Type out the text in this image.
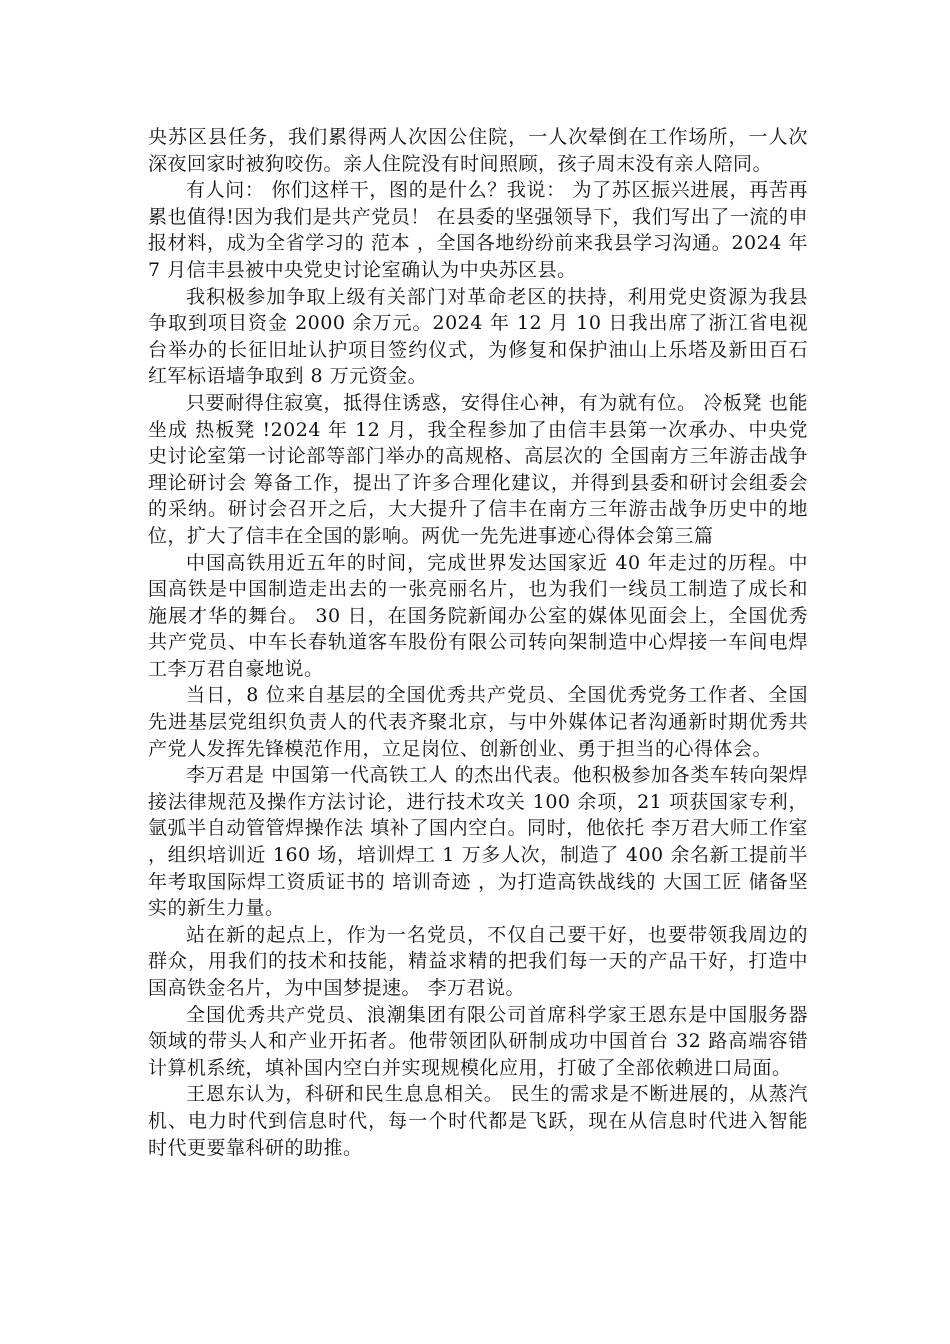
央苏区县任务，我们累得两人次因公住院，一人次晕倒在工作场所，一人次深夜回家时被狗咬伤。亲人住院没有时间照顾，孩子周末没有亲人陪同。

有人问： 你们这样干，图的是什么？我说： 为了苏区振兴进展，再苦再累也值得!因为我们是共产党员！ 在县委的坚强领导下，我们写出了一流的申报材料，成为全省学习的 范本 ，全国各地纷纷前来我县学习沟通。2024 年 7 月信丰县被中央党史讨论室确认为中央苏区县。

我积极参加争取上级有关部门对革命老区的扶持，利用党史资源为我县争取到项目资金 2000 余万元。2024 年 12 月 10 日我出席了浙江省电视台举办的长征旧址认护项目签约仪式，为修复和保护油山上乐塔及新田百石红军标语墙争取到 8 万元资金。

只要耐得住寂寞，抵得住诱惑，安得住心神，有为就有位。 冷板凳 也能坐成 热板凳 !2024 年 12 月，我全程参加了由信丰县第一次承办、中央党史讨论室第一讨论部等部门举办的高规格、高层次的 全国南方三年游击战争理论研讨会 筹备工作，提出了许多合理化建议，并得到县委和研讨会组委会的采纳。研讨会召开之后，大大提升了信丰在南方三年游击战争历史中的地位，扩大了信丰在全国的影响。两优一先先进事迹心得体会第三篇

中国高铁用近五年的时间，完成世界发达国家近 40 年走过的历程。中国高铁是中国制造走出去的一张亮丽名片，也为我们一线员工制造了成长和施展才华的舞台。 30 日，在国务院新闻办公室的媒体见面会上，全国优秀共产党员、中车长春轨道客车股份有限公司转向架制造中心焊接一车间电焊工李万君自豪地说。

当日，8 位来自基层的全国优秀共产党员、全国优秀党务工作者、全国先进基层党组织负责人的代表齐聚北京，与中外媒体记者沟通新时期优秀共产党人发挥先锋模范作用，立足岗位、创新创业、勇于担当的心得体会。

李万君是 中国第一代高铁工人 的杰出代表。他积极参加各类车转向架焊接法律规范及操作方法讨论，进行技术攻关 100 余项，21 项获国家专利， 氩弧半自动管管焊操作法 填补了国内空白。同时，他依托 李万君大师工作室 ，组织培训近 160 场，培训焊工 1 万多人次，制造了 400 余名新工提前半年考取国际焊工资质证书的 培训奇迹 ，为打造高铁战线的 大国工匠 储备坚实的新生力量。

站在新的起点上，作为一名党员，不仅自己要干好，也要带领我周边的群众，用我们的技术和技能，精益求精的把我们每一天的产品干好，打造中国高铁金名片，为中国梦提速。 李万君说。

全国优秀共产党员、浪潮集团有限公司首席科学家王恩东是中国服务器领域的带头人和产业开拓者。他带领团队研制成功中国首台 32 路高端容错计算机系统，填补国内空白并实现规模化应用，打破了全部依赖进口局面。

王恩东认为，科研和民生息息相关。 民生的需求是不断进展的，从蒸汽机、电力时代到信息时代，每一个时代都是飞跃，现在从信息时代进入智能时代更要靠科研的助推。
